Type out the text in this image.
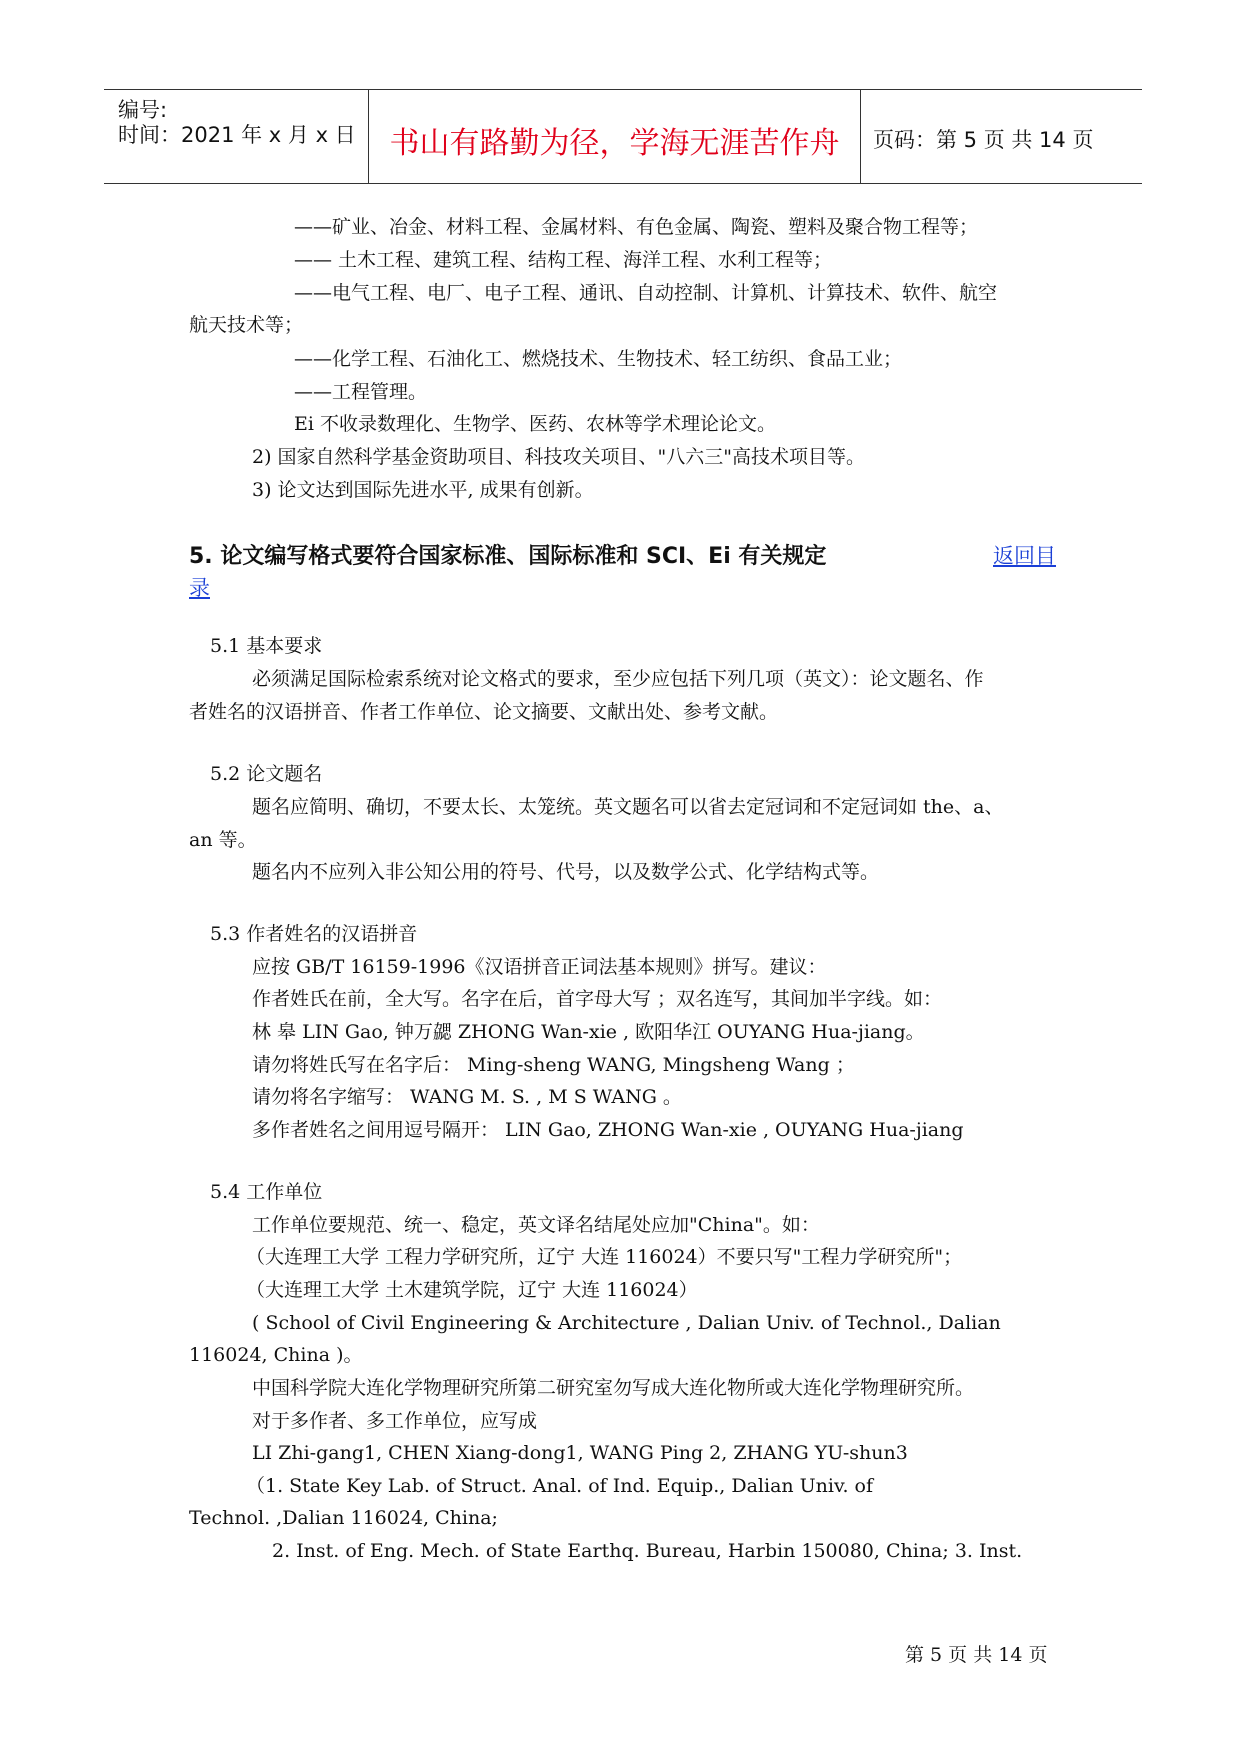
编号:
时间：2021 年 x 月 x 日	书山有路勤为径，学海无涯苦作舟	页码：第 5 页 共 14 页
——矿业、冶金、材料工程、金属材料、有色金属、陶瓷、塑料及聚合物工程等；
—— 土木工程、建筑工程、结构工程、海洋工程、水利工程等；
——电气工程、电厂、电子工程、通讯、自动控制、计算机、计算技术、软件、航空
航天技术等；
——化学工程、石油化工、燃烧技术、生物技术、轻工纺织、食品工业；
——工程管理。
Ei 不收录数理化、生物学、医药、农林等学术理论论文。
2) 国家自然科学基金资助项目、科技攻关项目、"八六三"高技术项目等。
3) 论文达到国际先进水平, 成果有创新。
5. 论文编写格式要符合国家标准、国际标准和 SCI、Ei 有关规定	返回目
录
5.1 基本要求
必须满足国际检索系统对论文格式的要求，至少应包括下列几项（英文）：论文题名、作
者姓名的汉语拼音、作者工作单位、论文摘要、文献出处、参考文献。
5.2 论文题名
题名应简明、确切，不要太长、太笼统。英文题名可以省去定冠词和不定冠词如 the、a、
an 等。
题名内不应列入非公知公用的符号、代号，以及数学公式、化学结构式等。
5.3 作者姓名的汉语拼音
应按 GB/T 16159-1996《汉语拼音正词法基本规则》拼写。建议：
作者姓氏在前，全大写。名字在后，首字母大写 ；双名连写，其间加半字线。如：
林 皋 LIN Gao, 钟万勰 ZHONG Wan-xie , 欧阳华江 OUYANG Hua-jiang。
请勿将姓氏写在名字后： Ming-sheng WANG, Mingsheng Wang ；
请勿将名字缩写： WANG M. S. , M S WANG 。
多作者姓名之间用逗号隔开： LIN Gao, ZHONG Wan-xie , OUYANG Hua-jiang
5.4 工作单位
工作单位要规范、统一、稳定，英文译名结尾处应加"China"。如：
（大连理工大学 工程力学研究所，辽宁 大连 116024）不要只写"工程力学研究所"；
（大连理工大学 土木建筑学院，辽宁 大连 116024）
( School of Civil Engineering & Architecture , Dalian Univ. of Technol., Dalian
116024, China )。
中国科学院大连化学物理研究所第二研究室勿写成大连化物所或大连化学物理研究所。
对于多作者、多工作单位，应写成
LI Zhi-gang1, CHEN Xiang-dong1, WANG Ping 2, ZHANG YU-shun3
（1. State Key Lab. of Struct. Anal. of Ind. Equip., Dalian Univ. of
Technol. ,Dalian 116024, China;
2. Inst. of Eng. Mech. of State Earthq. Bureau, Harbin 150080, China; 3. Inst.
第 5 页 共 14 页
